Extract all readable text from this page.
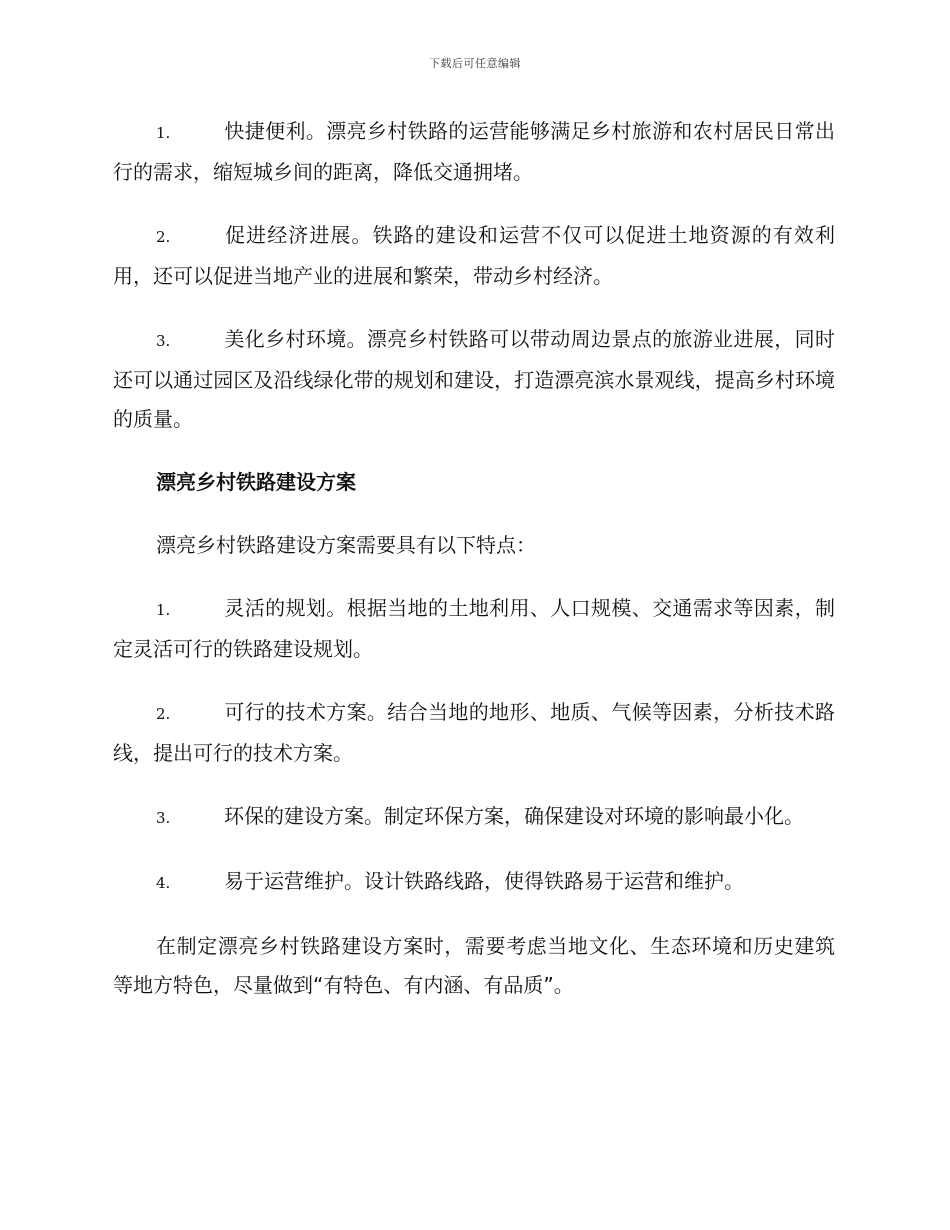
下载后可任意编辑

1.	快捷便利。漂亮乡村铁路的运营能够满足乡村旅游和农村居民日常出行的需求，缩短城乡间的距离，降低交通拥堵。

2.	促进经济进展。铁路的建设和运营不仅可以促进土地资源的有效利用，还可以促进当地产业的进展和繁荣，带动乡村经济。

3.	美化乡村环境。漂亮乡村铁路可以带动周边景点的旅游业进展，同时还可以通过园区及沿线绿化带的规划和建设，打造漂亮滨水景观线，提高乡村环境的质量。

漂亮乡村铁路建设方案

漂亮乡村铁路建设方案需要具有以下特点：

1.	灵活的规划。根据当地的土地利用、人口规模、交通需求等因素，制定灵活可行的铁路建设规划。

2.	可行的技术方案。结合当地的地形、地质、气候等因素，分析技术路线，提出可行的技术方案。

3.	环保的建设方案。制定环保方案，确保建设对环境的影响最小化。

4.	易于运营维护。设计铁路线路，使得铁路易于运营和维护。

在制定漂亮乡村铁路建设方案时，需要考虑当地文化、生态环境和历史建筑等地方特色，尽量做到“有特色、有内涵、有品质”。
